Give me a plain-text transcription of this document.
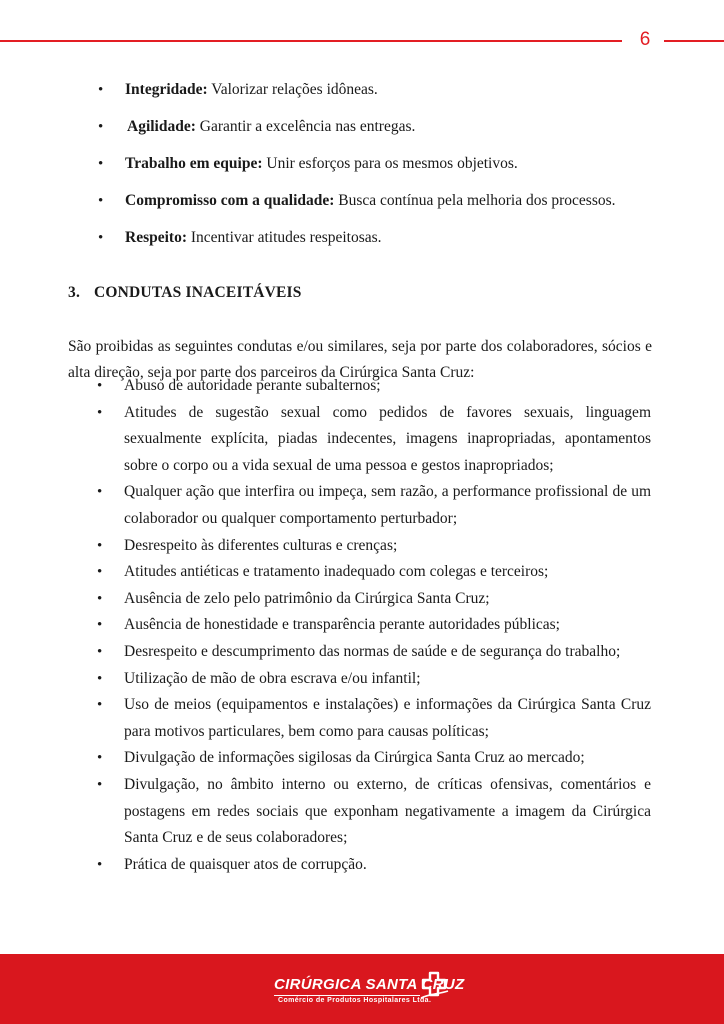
6
• Integridade: Valorizar relações idôneas.
• Agilidade: Garantir a excelência nas entregas.
• Trabalho em equipe: Unir esforços para os mesmos objetivos.
• Compromisso com a qualidade: Busca contínua pela melhoria dos processos.
• Respeito: Incentivar atitudes respeitosas.
3. CONDUTAS INACEITÁVEIS

São proibidas as seguintes condutas e/ou similares, seja por parte dos colaboradores, sócios e alta direção, seja por parte dos parceiros da Cirúrgica Santa Cruz:

• Abuso de autoridade perante subalternos;
• Atitudes de sugestão sexual como pedidos de favores sexuais, linguagem sexualmente explícita, piadas indecentes, imagens inapropriadas, apontamentos sobre o corpo ou a vida sexual de uma pessoa e gestos inapropriados;
• Qualquer ação que interfira ou impeça, sem razão, a performance profissional de um colaborador ou qualquer comportamento perturbador;
• Desrespeito às diferentes culturas e crenças;
• Atitudes antiéticas e tratamento inadequado com colegas e terceiros;
• Ausência de zelo pelo patrimônio da Cirúrgica Santa Cruz;
• Ausência de honestidade e transparência perante autoridades públicas;
• Desrespeito e descumprimento das normas de saúde e de segurança do trabalho;
• Utilização de mão de obra escrava e/ou infantil;
• Uso de meios (equipamentos e instalações) e informações da Cirúrgica Santa Cruz para motivos particulares, bem como para causas políticas;
• Divulgação de informações sigilosas da Cirúrgica Santa Cruz ao mercado;
• Divulgação, no âmbito interno ou externo, de críticas ofensivas, comentários e postagens em redes sociais que exponham negativamente a imagem da Cirúrgica Santa Cruz e de seus colaboradores;
• Prática de quaisquer atos de corrupção.
CIRÚRGICA SANTA CRUZ
Comércio de Produtos Hospitalares Ltda.
